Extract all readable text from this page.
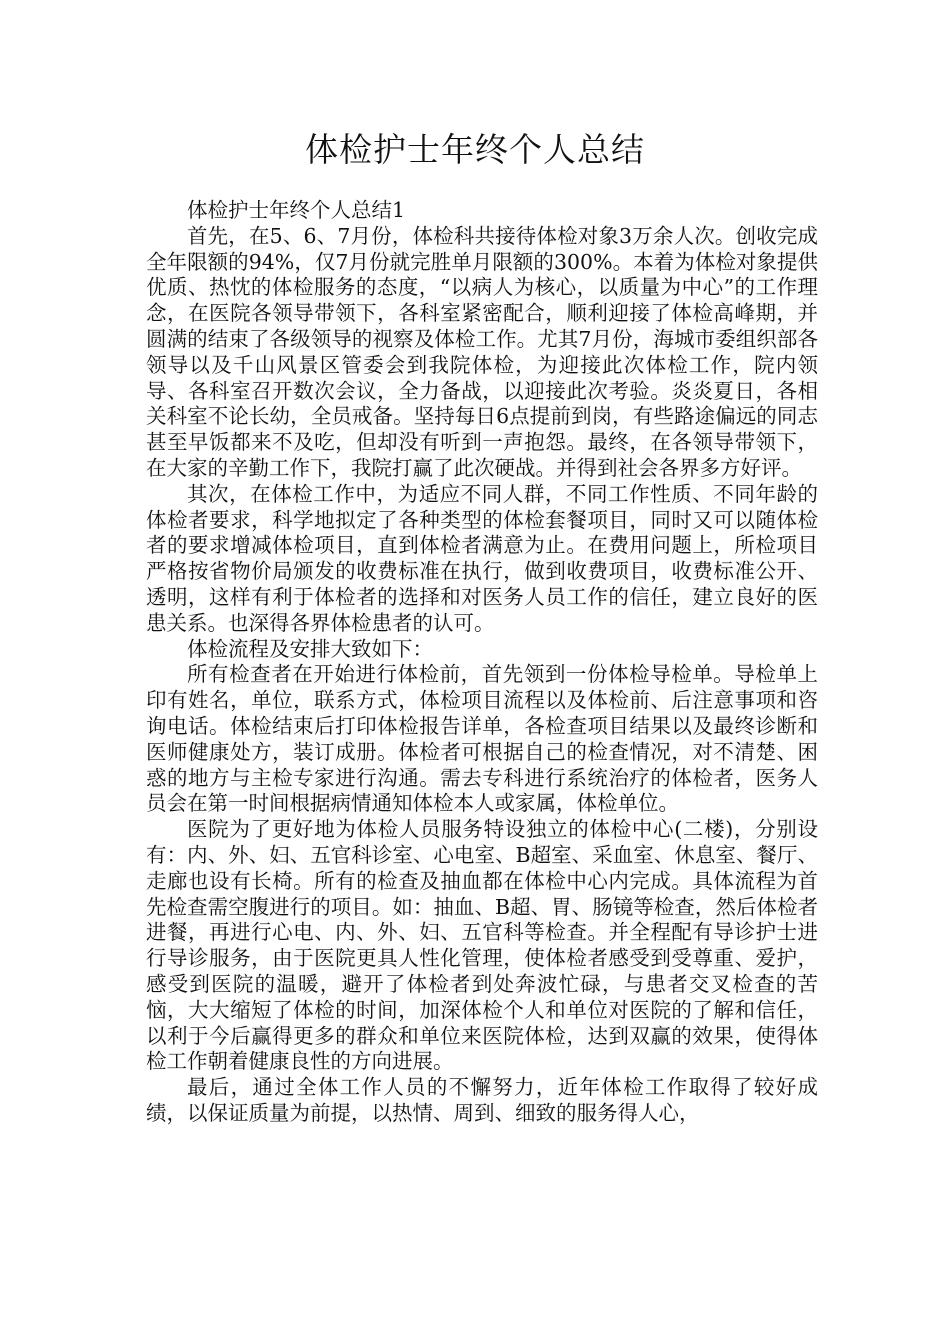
体检护士年终个人总结

体检护士年终个人总结1

首先，在5、6、7月份，体检科共接待体检对象3万余人次。创收完成全年限额的94%，仅7月份就完胜单月限额的300%。本着为体检对象提供优质、热忱的体检服务的态度，“以病人为核心，以质量为中心”的工作理念，在医院各领导带领下，各科室紧密配合，顺利迎接了体检高峰期，并圆满的结束了各级领导的视察及体检工作。尤其7月份，海城市委组织部各领导以及千山风景区管委会到我院体检，为迎接此次体检工作，院内领导、各科室召开数次会议，全力备战，以迎接此次考验。炎炎夏日，各相关科室不论长幼，全员戒备。坚持每日6点提前到岗，有些路途偏远的同志甚至早饭都来不及吃，但却没有听到一声抱怨。最终，在各领导带领下，在大家的辛勤工作下，我院打赢了此次硬战。并得到社会各界多方好评。

其次，在体检工作中，为适应不同人群，不同工作性质、不同年龄的体检者要求，科学地拟定了各种类型的体检套餐项目，同时又可以随体检者的要求增减体检项目，直到体检者满意为止。在费用问题上，所检项目严格按省物价局颁发的收费标准在执行，做到收费项目，收费标准公开、透明，这样有利于体检者的选择和对医务人员工作的信任，建立良好的医患关系。也深得各界体检患者的认可。

体检流程及安排大致如下：

所有检查者在开始进行体检前，首先领到一份体检导检单。导检单上印有姓名，单位，联系方式，体检项目流程以及体检前、后注意事项和咨询电话。体检结束后打印体检报告详单，各检查项目结果以及最终诊断和医师健康处方，装订成册。体检者可根据自己的检查情况，对不清楚、困惑的地方与主检专家进行沟通。需去专科进行系统治疗的体检者，医务人员会在第一时间根据病情通知体检本人或家属，体检单位。

医院为了更好地为体检人员服务特设独立的体检中心(二楼)，分别设有：内、外、妇、五官科诊室、心电室、B超室、采血室、休息室、餐厅、走廊也设有长椅。所有的检查及抽血都在体检中心内完成。具体流程为首先检查需空腹进行的项目。如：抽血、B超、胃、肠镜等检查，然后体检者进餐，再进行心电、内、外、妇、五官科等检查。并全程配有导诊护士进行导诊服务，由于医院更具人性化管理，使体检者感受到受尊重、爱护，感受到医院的温暖，避开了体检者到处奔波忙碌，与患者交叉检查的苦恼，大大缩短了体检的时间，加深体检个人和单位对医院的了解和信任，以利于今后赢得更多的群众和单位来医院体检，达到双赢的效果，使得体检工作朝着健康良性的方向进展。

最后，通过全体工作人员的不懈努力，近年体检工作取得了较好成绩，以保证质量为前提，以热情、周到、细致的服务得人心，
